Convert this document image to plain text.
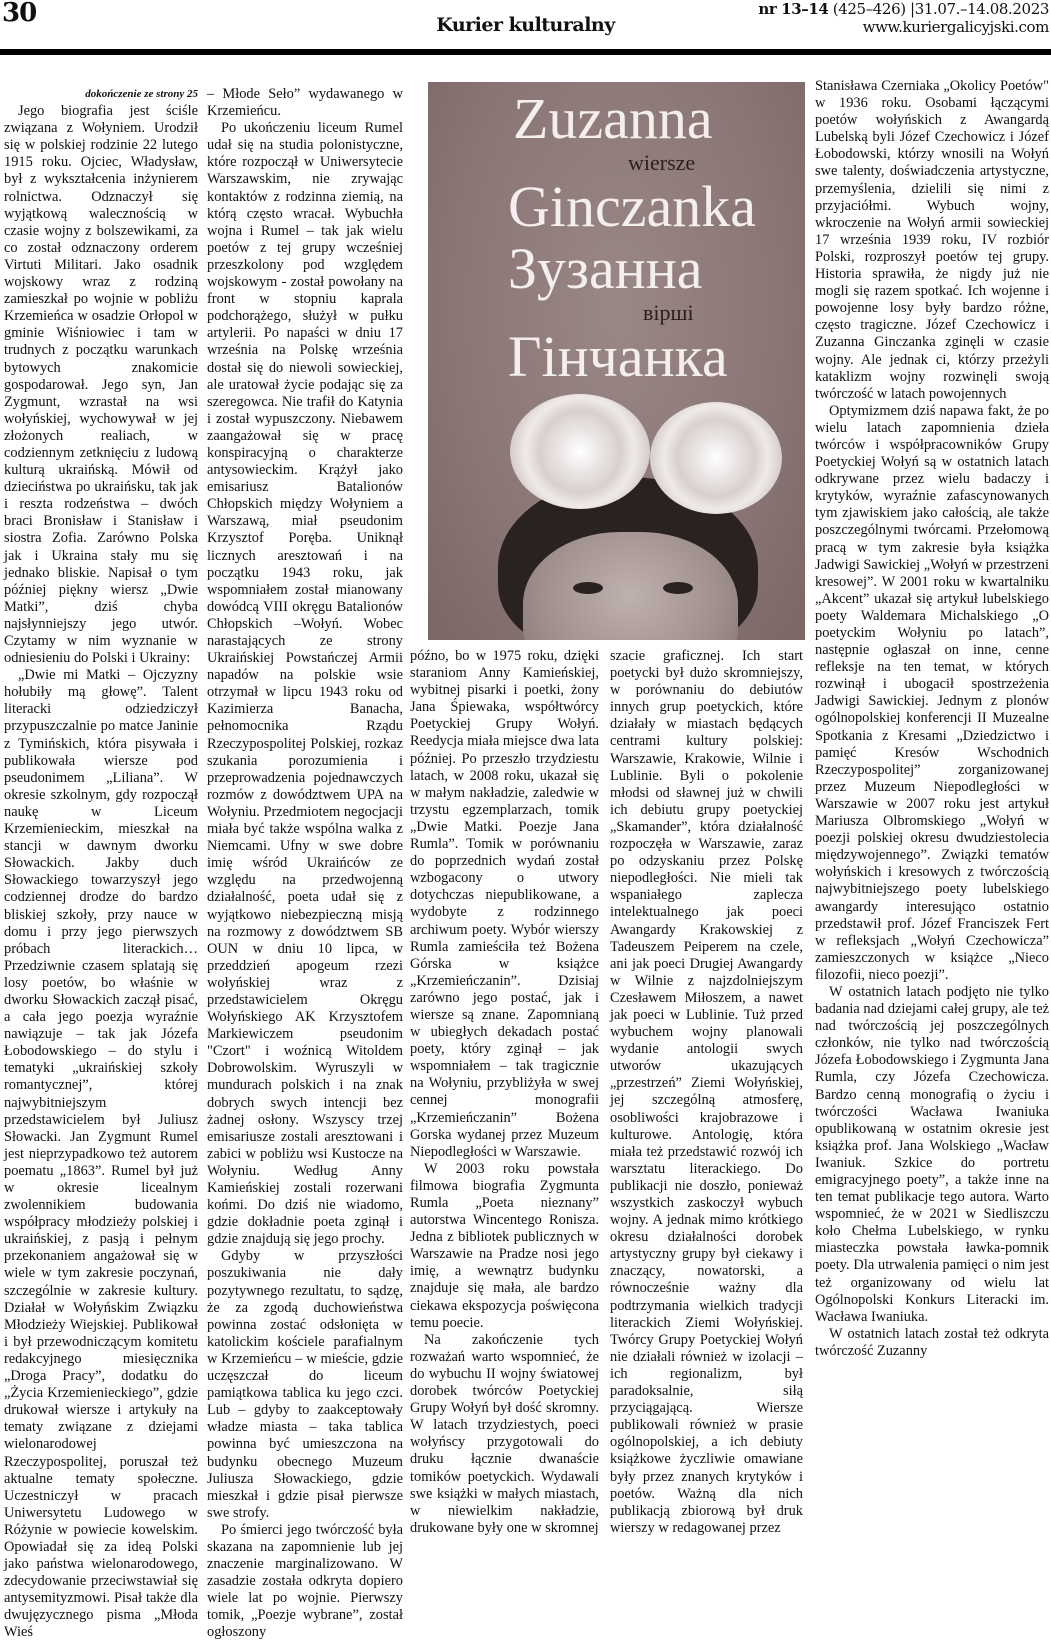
30	Kurier kulturalny
nr 13–14 (425–426) |31.07.–14.08.2023
www.kuriergalicyjski.com

dokończenie ze strony 25

Jego biografia jest ściśle związana z Wołyniem. Urodził się w polskiej rodzinie 22 lutego 1915 roku. Ojciec, Władysław, był z wykształcenia inżynierem rolnictwa. Odznaczył się wyjątkową walecznością w czasie wojny z bolszewikami, za co został odznaczony orderem Virtuti Militari. Jako osadnik wojskowy wraz z rodziną zamieszkał po wojnie w pobliżu Krzemieńca w osadzie Orłopol w gminie Wiśniowiec i tam w trudnych z początku warunkach bytowych znakomicie gospodarował. Jego syn, Jan Zygmunt, wzrastał na wsi wołyńskiej, wychowywał w jej złożonych realiach, w codziennym zetknięciu z ludową kulturą ukraińską. Mówił od dzieciństwa po ukraińsku, tak jak i reszta rodzeństwa – dwóch braci Bronisław i Stanisław i siostra Zofia. Zarówno Polska jak i Ukraina stały mu się jednako bliskie. Napisał o tym później piękny wiersz „Dwie Matki”, dziś chyba najsłynniejszy jego utwór. Czytamy w nim wyznanie w odniesieniu do Polski i Ukrainy:

„Dwie mi Matki – Ojczyzny hołubiły mą głowę”. Talent literacki odziedziczył przypuszczalnie po matce Janinie z Tymińskich, która pisywała i publikowała wiersze pod pseudonimem „Liliana”. W okresie szkolnym, gdy rozpoczął naukę w Liceum Krzemienieckim, mieszkał na stancji w dawnym dworku Słowackich. Jakby duch Słowackiego towarzyszył jego codziennej drodze do bardzo bliskiej szkoły, przy nauce w domu i przy jego pierwszych próbach literackich… Przedziwnie czasem splatają się losy poetów, bo właśnie w dworku Słowackich zaczął pisać, a cała jego poezja wyraźnie nawiązuje – tak jak Józefa Łobodowskiego – do stylu i tematyki „ukraińskiej szkoły romantycznej”, której najwybitniejszym przedstawicielem był Juliusz Słowacki. Jan Zygmunt Rumel jest nieprzypadkowo też autorem poematu „1863”. Rumel był już w okresie licealnym zwolennikiem budowania współpracy młodzieży polskiej i ukraińskiej, z pasją i pełnym przekonaniem angażował się w wiele w tym zakresie poczynań, szczególnie w zakresie kultury. Działał w Wołyńskim Związku Młodzieży Wiejskiej. Publikował i był przewodniczącym komitetu redakcyjnego miesięcznika „Droga Pracy”, dodatku do „Życia Krzemienieckiego”, gdzie drukował wiersze i artykuły na tematy związane z dziejami wielonarodowej Rzeczypospolitej, poruszał też aktualne tematy społeczne. Uczestniczył w pracach Uniwersytetu Ludowego w Różynie w powiecie kowelskim. Opowiadał się za ideą Polski jako państwa wielonarodowego, zdecydowanie przeciwstawiał się antysemityzmowi. Pisał także dla dwujęzycznego pisma „Młoda Wieś

– Młode Seło” wydawanego w Krzemieńcu.

Po ukończeniu liceum Rumel udał się na studia polonistyczne, które rozpoczął w Uniwersytecie Warszawskim, nie zrywając kontaktów z rodzinna ziemią, na którą często wracał. Wybuchła wojna i Rumel – tak jak wielu poetów z tej grupy wcześniej przeszkolony pod względem wojskowym - został powołany na front w stopniu kaprala podchorążego, służył w pułku artylerii. Po napaści w dniu 17 września na Polskę września dostał się do niewoli sowieckiej, ale uratował życie podając się za szeregowca. Nie trafił do Katynia i został wypuszczony. Niebawem zaangażował się w pracę konspiracyjną o charakterze antysowieckim. Krążył jako emisariusz Batalionów Chłopskich między Wołyniem a Warszawą, miał pseudonim Krzysztof Poręba. Uniknął licznych aresztowań i na początku 1943 roku, jak wspomniałem został mianowany dowódcą VIII okręgu Batalionów Chłopskich –Wołyń. Wobec narastających ze strony Ukraińskiej Powstańczej Armii napadów na polskie wsie otrzymał w lipcu 1943 roku od Kazimierza Banacha, pełnomocnika Rządu Rzeczypospolitej Polskiej, rozkaz szukania porozumienia i przeprowadzenia pojednawczych rozmów z dowództwem UPA na Wołyniu. Przedmiotem negocjacji miała być także wspólna walka z Niemcami. Ufny w swe dobre imię wśród Ukraińców ze względu na przedwojenną działalność, poeta udał się z wyjątkowo niebezpieczną misją na rozmowy z dowództwem SB OUN w dniu 10 lipca, w przeddzień apogeum rzezi wołyńskiej wraz z przedstawicielem Okręgu Wołyńskiego AK Krzysztofem Markiewiczem pseudonim "Czort" i woźnicą Witoldem Dobrowolskim. Wyruszyli w mundurach polskich i na znak dobrych swych intencji bez żadnej osłony. Wszyscy trzej emisariusze zostali aresztowani i zabici w pobliżu wsi Kustocze na Wołyniu. Według Anny Kamieńskiej zostali rozerwani końmi. Do dziś nie wiadomo, gdzie dokładnie poeta zginął i gdzie znajdują się jego prochy.

Gdyby w przyszłości poszukiwania nie dały pozytywnego rezultatu, to sądzę, że za zgodą duchowieństwa powinna zostać odsłonięta w katolickim kościele parafialnym w Krzemieńcu – w mieście, gdzie uczęszczał do liceum pamiątkowa tablica ku jego czci. Lub – gdyby to zaakceptowały władze miasta – taka tablica powinna być umieszczona na budynku obecnego Muzeum Juliusza Słowackiego, gdzie mieszkał i gdzie pisał pierwsze swe strofy.

Po śmierci jego twórczość była skazana na zapomnienie lub jej znaczenie marginalizowano. W zasadzie została odkryta dopiero wiele lat po wojnie. Pierwszy tomik, „Poezje wybrane”, został ogłoszony

Zuzanna
wiersze
Ginczanka
Зузанна
вірші
Гінчанка

późno, bo w 1975 roku, dzięki staraniom Anny Kamieńskiej, wybitnej pisarki i poetki, żony Jana Śpiewaka, współtwórcy Poetyckiej Grupy Wołyń. Reedycja miała miejsce dwa lata później. Po przeszło trzydziestu latach, w 2008 roku, ukazał się w małym nakładzie, zaledwie w trzystu egzemplarzach, tomik „Dwie Matki. Poezje Jana Rumla”. Tomik w porównaniu do poprzednich wydań został wzbogacony o utwory dotychczas niepublikowane, a wydobyte z rodzinnego archiwum poety. Wybór wierszy Rumla zamieściła też Bożena Górska w książce „Krzemieńczanin”. Dzisiaj zarówno jego postać, jak i wiersze są znane. Zapomnianą w ubiegłych dekadach postać poety, który zginął – jak wspomniałem – tak tragicznie na Wołyniu, przybliżyła w swej cennej monografii „Krzemieńczanin” Bożena Gorska wydanej przez Muzeum Niepodległości w Warszawie.

W 2003 roku powstała filmowa biografia Zygmunta Rumla „Poeta nieznany” autorstwa Wincentego Ronisza. Jedna z bibliotek publicznych w Warszawie na Pradze nosi jego imię, a wewnątrz budynku znajduje się mała, ale bardzo ciekawa ekspozycja poświęcona temu poecie.

Na zakończenie tych rozważań warto wspomnieć, że do wybuchu II wojny światowej dorobek twórców Poetyckiej Grupy Wołyń był dość skromny. W latach trzydziestych, poeci wołyńscy przygotowali do druku łącznie dwanaście tomików poetyckich. Wydawali swe książki w małych miastach, w niewielkim nakładzie, drukowane były one w skromnej

szacie graficznej. Ich start poetycki był dużo skromniejszy, w porównaniu do debiutów innych grup poetyckich, które działały w miastach będących centrami kultury polskiej: Warszawie, Krakowie, Wilnie i Lublinie. Byli o pokolenie młodsi od sławnej już w chwili ich debiutu grupy poetyckiej „Skamander”, która działalność rozpoczęła w Warszawie, zaraz po odzyskaniu przez Polskę niepodległości. Nie mieli tak wspaniałego zaplecza intelektualnego jak poeci Awangardy Krakowskiej z Tadeuszem Peiperem na czele, ani jak poeci Drugiej Awangardy w Wilnie z najzdolniejszym Czesławem Miłoszem, a nawet jak poeci w Lublinie. Tuż przed wybuchem wojny planowali wydanie antologii swych utworów ukazujących „przestrzeń” Ziemi Wołyńskiej, jej szczególną atmosferę, osobliwości krajobrazowe i kulturowe. Antologię, która miała też przedstawić rozwój ich warsztatu literackiego. Do publikacji nie doszło, ponieważ wszystkich zaskoczył wybuch wojny. A jednak mimo krótkiego okresu działalności dorobek artystyczny grupy był ciekawy i znaczący, nowatorski, a równocześnie ważny dla podtrzymania wielkich tradycji literackich Ziemi Wołyńskiej. Twórcy Grupy Poetyckiej Wołyń nie działali również w izolacji – ich regionalizm, był paradoksalnie, siłą przyciągającą. Wiersze publikowali również w prasie ogólnopolskiej, a ich debiuty książkowe życzliwie omawiane były przez znanych krytyków i poetów. Ważną dla nich publikacją zbiorową był druk wierszy w redagowanej przez

Stanisława Czerniaka „Okolicy Poetów" w 1936 roku. Osobami łączącymi poetów wołyńskich z Awangardą Lubelską byli Józef Czechowicz i Józef Łobodowski, którzy wnosili na Wołyń swe talenty, doświadczenia artystyczne, przemyślenia, dzielili się nimi z przyjaciółmi. Wybuch wojny, wkroczenie na Wołyń armii sowieckiej 17 września 1939 roku, IV rozbiór Polski, rozproszył poetów tej grupy. Historia sprawiła, że nigdy już nie mogli się razem spotkać. Ich wojenne i powojenne losy były bardzo różne, często tragiczne. Józef Czechowicz i Zuzanna Ginczanka zginęli w czasie wojny. Ale jednak ci, którzy przeżyli kataklizm wojny rozwinęli swoją twórczość w latach powojennych

Optymizmem dziś napawa fakt, że po wielu latach zapomnienia dzieła twórców i współpracowników Grupy Poetyckiej Wołyń są w ostatnich latach odkrywane przez wielu badaczy i krytyków, wyraźnie zafascynowanych tym zjawiskiem jako całością, ale także poszczególnymi twórcami. Przełomową pracą w tym zakresie była książka Jadwigi Sawickiej „Wołyń w przestrzeni kresowej”. W 2001 roku w kwartalniku „Akcent” ukazał się artykuł lubelskiego poety Waldemara Michalskiego „O poetyckim Wołyniu po latach”, następnie ogłaszał on inne, cenne refleksje na ten temat, w których rozwinął i ubogacił spostrzeżenia Jadwigi Sawickiej. Jednym z plonów ogólnopolskiej konferencji II Muzealne Spotkania z Kresami „Dziedzictwo i pamięć Kresów Wschodnich Rzeczypospolitej” zorganizowanej przez Muzeum Niepodległości w Warszawie w 2007 roku jest artykuł Mariusza Olbromskiego „Wołyń w poezji polskiej okresu dwudziestolecia międzywojennego”. Związki tematów wołyńskich i kresowych z twórczością najwybitniejszego poety lubelskiego awangardy interesująco ostatnio przedstawił prof. Józef Franciszek Fert w refleksjach „Wołyń Czechowicza” zamieszczonych w książce „Nieco filozofii, nieco poezji”.

W ostatnich latach podjęto nie tylko badania nad dziejami całej grupy, ale też nad twórczością jej poszczególnych członków, nie tylko nad twórczością Józefa Łobodowskiego i Zygmunta Jana Rumla, czy Józefa Czechowicza. Bardzo cenną monografią o życiu i twórczości Wacława Iwaniuka opublikowaną w ostatnim okresie jest książka prof. Jana Wolskiego „Wacław Iwaniuk. Szkice do portretu emigracyjnego poety”, a także inne na ten temat publikacje tego autora. Warto wspomnieć, że w 2021 w Siedliszczu koło Chełma Lubelskiego, w rynku miasteczka powstała ławka-pomnik poety. Dla utrwalenia pamięci o nim jest też organizowany od wielu lat Ogólnopolski Konkurs Literacki im. Wacława Iwaniuka.

W ostatnich latach został też odkryta twórczość Zuzanny
